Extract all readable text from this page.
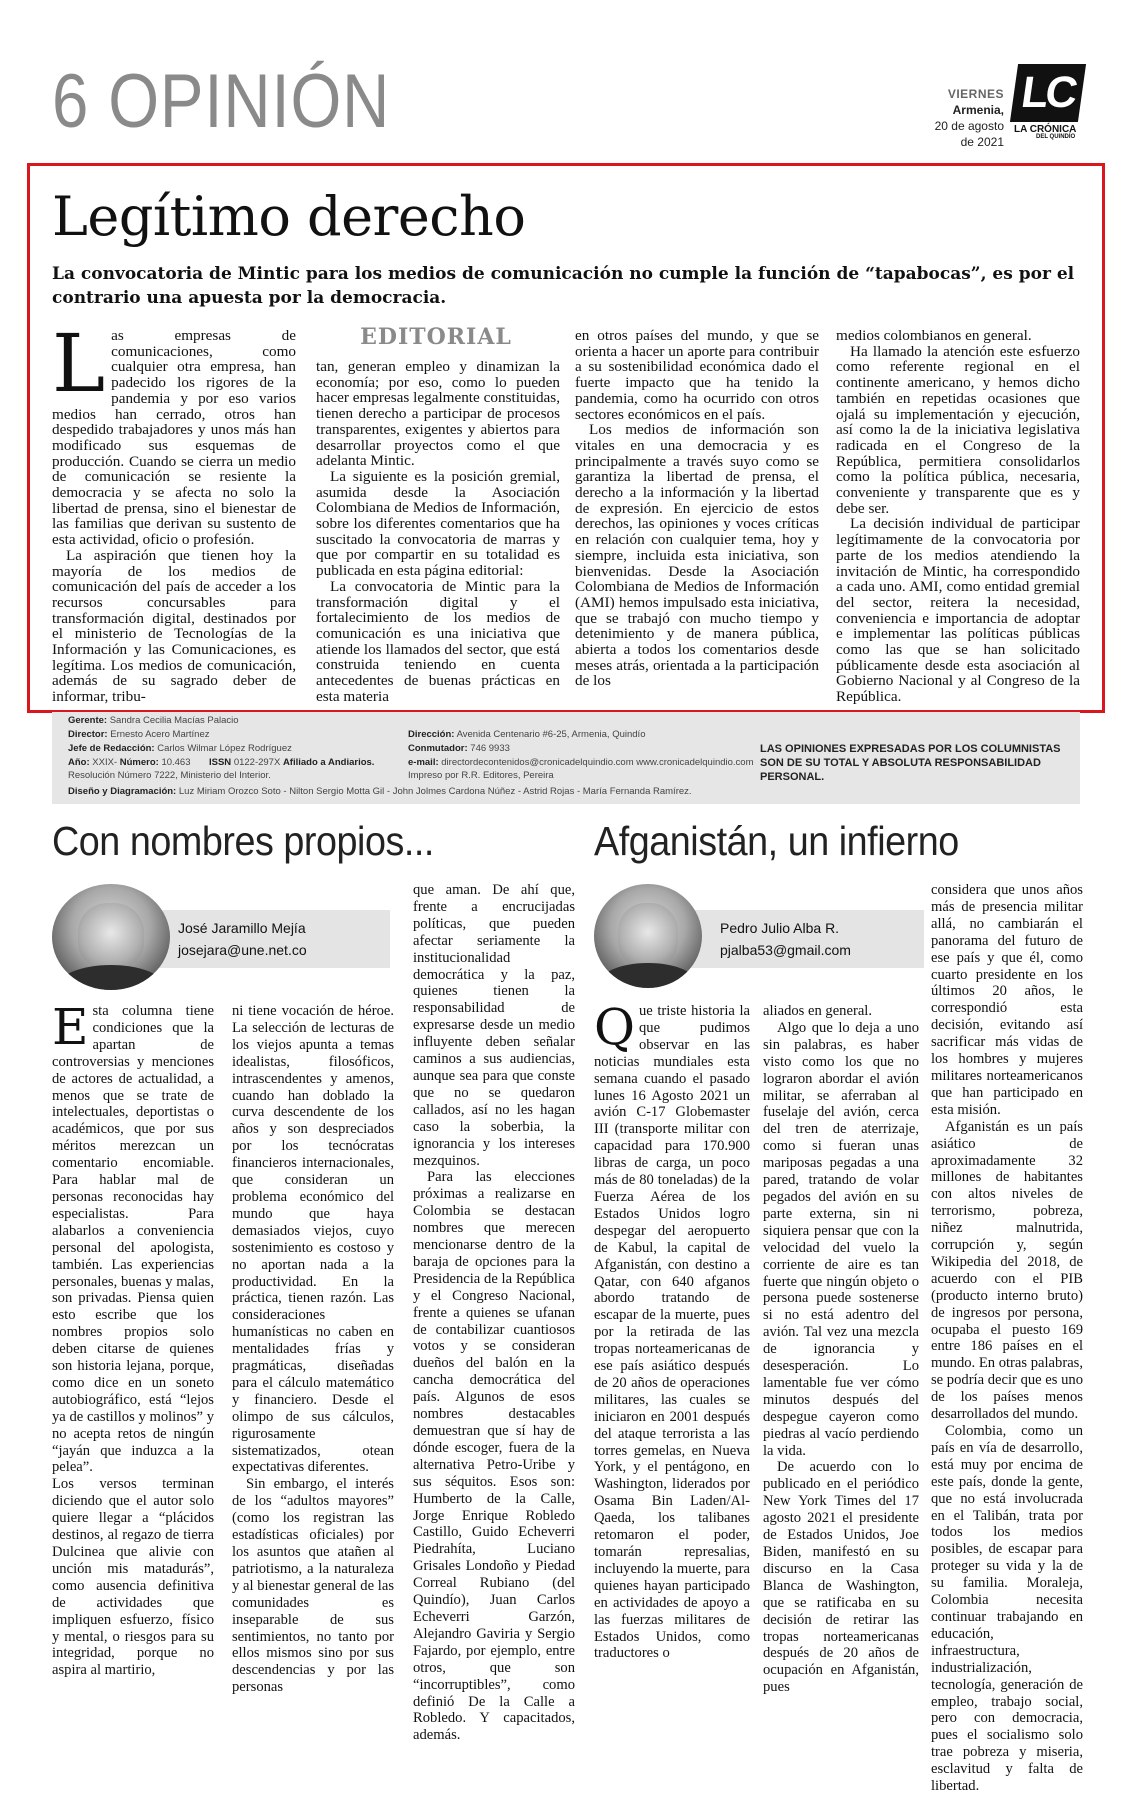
6 OPINIÓN	VIERNES
Armenia,
20 de agosto
de 2021
LC
LA CRÓNICA
DEL QUINDÍO
Legítimo derecho
La convocatoria de Mintic para los medios de comunicación no cumple la función de “tapabocas”, es por el contrario una apuesta por la democracia.
L as empresas de comunicaciones, como cualquier otra empresa, han padecido los rigores de la pandemia y por eso varios medios han cerrado, otros han despedido trabajadores y unos más han modificado sus esquemas de producción. Cuando se cierra un medio de comunicación se resiente la democracia y se afecta no solo la libertad de prensa, sino el bienestar de las familias que derivan su sustento de esta actividad, oficio o profesión.

La aspiración que tienen hoy la mayoría de los medios de comunicación del país de acceder a los recursos concursables para transformación digital, destinados por el ministerio de Tecnologías de la Información y las Comunicaciones, es legítima. Los medios de comunicación, además de su sagrado deber de informar, tribu-

EDITORIAL

tan, generan empleo y dinamizan la economía; por eso, como lo pueden hacer empresas legalmente constituidas, tienen derecho a participar de procesos transparentes, exigentes y abiertos para desarrollar proyectos como el que adelanta Mintic.

La siguiente es la posición gremial, asumida desde la Asociación Colombiana de Medios de Información, sobre los diferentes comentarios que ha suscitado la convocatoria de marras y que por compartir en su totalidad es publicada en esta página editorial:

La convocatoria de Mintic para la transformación digital y el fortalecimiento de los medios de comunicación es una iniciativa que atiende los llamados del sector, que está construida teniendo en cuenta antecedentes de buenas prácticas en esta materia

en otros países del mundo, y que se orienta a hacer un aporte para contribuir a su sostenibilidad económica dado el fuerte impacto que ha tenido la pandemia, como ha ocurrido con otros sectores económicos en el país.

Los medios de información son vitales en una democracia y es principalmente a través suyo como se garantiza la libertad de prensa, el derecho a la información y la libertad de expresión. En ejercicio de estos derechos, las opiniones y voces críticas en relación con cualquier tema, hoy y siempre, incluida esta iniciativa, son bienvenidas. Desde la Asociación Colombiana de Medios de Información (AMI) hemos impulsado esta iniciativa, que se trabajó con mucho tiempo y detenimiento y de manera pública, abierta a todos los comentarios desde meses atrás, orientada a la participación de los

medios colombianos en general.

Ha llamado la atención este esfuerzo como referente regional en el continente americano, y hemos dicho también en repetidas ocasiones que ojalá su implementación y ejecución, así como la de la iniciativa legislativa radicada en el Congreso de la República, permitiera consolidarlos como la política pública, necesaria, conveniente y transparente que es y debe ser.

La decisión individual de participar legítimamente de la convocatoria por parte de los medios atendiendo la invitación de Mintic, ha correspondido a cada uno. AMI, como entidad gremial del sector, reitera la necesidad, conveniencia e importancia de adoptar e implementar las políticas públicas como las que se han solicitado públicamente desde esta asociación al Gobierno Nacional y al Congreso de la República.

Gerente: Sandra Cecilia Macías Palacio
Director: Ernesto Acero Martínez
Jefe de Redacción: Carlos Wilmar López Rodríguez
Año: XXIX- Número: 10.463 ISSN 0122-297X Afiliado a Andiarios.
Resolución Número 7222, Ministerio del Interior.
Diseño y Diagramación: Luz Miriam Orozco Soto - Nilton Sergio Motta Gil - John Jolmes Cardona Núñez - Astrid Rojas - María Fernanda Ramírez.
Dirección: Avenida Centenario #6-25, Armenia, Quindío
Conmutador: 746 9933
e-mail: directordecontenidos@cronicadelquindio.com www.cronicadelquindio.com
Impreso por R.R. Editores, Pereira
LAS OPINIONES EXPRESADAS POR LOS COLUMNISTAS SON DE SU TOTAL Y ABSOLUTA RESPONSABILIDAD PERSONAL.
Con nombres propios...
José Jaramillo Mejía
josejara@une.net.co
E sta columna tiene condiciones que la apartan de controversias y menciones de actores de actualidad, a menos que se trate de intelectuales, deportistas o académicos, que por sus méritos merezcan un comentario encomiable. Para hablar mal de personas reconocidas hay especialistas. Para alabarlos a conveniencia personal del apologista, también. Las experiencias personales, buenas y malas, son privadas. Piensa quien esto escribe que los nombres propios solo deben citarse de quienes son historia lejana, porque, como dice en un soneto autobiográfico, está “lejos ya de castillos y molinos” y no acepta retos de ningún “jayán que induzca a la pelea”.

Los versos terminan diciendo que el autor solo quiere llegar a “plácidos destinos, al regazo de tierra Dulcinea que alivie con unción mis matadurás”, como ausencia definitiva de actividades que impliquen esfuerzo, físico y mental, o riesgos para su integridad, porque no aspira al martirio,

ni tiene vocación de héroe. La selección de lecturas de los viejos apunta a temas idealistas, filosóficos, intrascendentes y amenos, cuando han doblado la curva descendente de los años y son despreciados por los tecnócratas financieros internacionales, que consideran un problema económico del mundo que haya demasiados viejos, cuyo sostenimiento es costoso y no aportan nada a la productividad. En la práctica, tienen razón. Las consideraciones humanísticas no caben en mentalidades frías y pragmáticas, diseñadas para el cálculo matemático y financiero. Desde el olimpo de sus cálculos, rigurosamente sistematizados, otean expectativas diferentes.

Sin embargo, el interés de los “adultos mayores” (como los registran las estadísticas oficiales) por los asuntos que atañen al patriotismo, a la naturaleza y al bienestar general de las comunidades es inseparable de sus sentimientos, no tanto por ellos mismos sino por sus descendencias y por las personas

que aman. De ahí que, frente a encrucijadas políticas, que pueden afectar seriamente la institucionalidad democrática y la paz, quienes tienen la responsabilidad de expresarse desde un medio influyente deben señalar caminos a sus audiencias, aunque sea para que conste que no se quedaron callados, así no les hagan caso la soberbia, la ignorancia y los intereses mezquinos.

Para las elecciones próximas a realizarse en Colombia se destacan nombres que merecen mencionarse dentro de la baraja de opciones para la Presidencia de la República y el Congreso Nacional, frente a quienes se ufanan de contabilizar cuantiosos votos y se consideran dueños del balón en la cancha democrática del país. Algunos de esos nombres destacables demuestran que sí hay de dónde escoger, fuera de la alternativa Petro-Uribe y sus séquitos. Esos son: Humberto de la Calle, Jorge Enrique Robledo Castillo, Guido Echeverri Piedrahíta, Luciano Grisales Londoño y Piedad Correal Rubiano (del Quindío), Juan Carlos Echeverri Garzón, Alejandro Gaviria y Sergio Fajardo, por ejemplo, entre otros, que son “incorruptibles”, como definió De la Calle a Robledo. Y capacitados, además.

Afganistán, un infierno
Pedro Julio Alba R.
pjalba53@gmail.com
Q ue triste historia la que pudimos observar en las noticias mundiales esta semana cuando el pasado lunes 16 Agosto 2021 un avión C-17 Globemaster III (transporte militar con capacidad para 170.900 libras de carga, un poco más de 80 toneladas) de la Fuerza Aérea de los Estados Unidos logro despegar del aeropuerto de Kabul, la capital de Afganistán, con destino a Qatar, con 640 afganos abordo tratando de escapar de la muerte, pues por la retirada de las tropas norteamericanas de ese país asiático después de 20 años de operaciones militares, las cuales se iniciaron en 2001 después del ataque terrorista a las torres gemelas, en Nueva York, y el pentágono, en Washington, liderados por Osama Bin Laden/Al-Qaeda, los talibanes retomaron el poder, tomarán represalias, incluyendo la muerte, para quienes hayan participado en actividades de apoyo a las fuerzas militares de Estados Unidos, como traductores o

aliados en general.

Algo que lo deja a uno sin palabras, es haber visto como los que no lograron abordar el avión militar, se aferraban al fuselaje del avión, cerca del tren de aterrizaje, como si fueran unas mariposas pegadas a una pared, tratando de volar pegados del avión en su parte externa, sin ni siquiera pensar que con la velocidad del vuelo la corriente de aire es tan fuerte que ningún objeto o persona puede sostenerse si no está adentro del avión. Tal vez una mezcla de ignorancia y desesperación. Lo lamentable fue ver cómo minutos después del despegue cayeron como piedras al vacío perdiendo la vida.

De acuerdo con lo publicado en el periódico New York Times del 17 agosto 2021 el presidente de Estados Unidos, Joe Biden, manifestó en su discurso en la Casa Blanca de Washington, que se ratificaba en su decisión de retirar las tropas norteamericanas después de 20 años de ocupación en Afganistán, pues

considera que unos años más de presencia militar allá, no cambiarán el panorama del futuro de ese país y que él, como cuarto presidente en los últimos 20 años, le correspondió esta decisión, evitando así sacrificar más vidas de los hombres y mujeres militares norteamericanos que han participado en esta misión.

Afganistán es un país asiático de aproximadamente 32 millones de habitantes con altos niveles de terrorismo, pobreza, niñez malnutrida, corrupción y, según Wikipedia del 2018, de acuerdo con el PIB (producto interno bruto) de ingresos por persona, ocupaba el puesto 169 entre 186 países en el mundo. En otras palabras, se podría decir que es uno de los países menos desarrollados del mundo.

Colombia, como un país en vía de desarrollo, está muy por encima de este país, donde la gente, que no está involucrada en el Talibán, trata por todos los medios posibles, de escapar para proteger su vida y la de su familia. Moraleja, Colombia necesita continuar trabajando en educación, infraestructura, industrialización, tecnología, generación de empleo, trabajo social, pero con democracia, pues el socialismo solo trae pobreza y miseria, esclavitud y falta de libertad.
